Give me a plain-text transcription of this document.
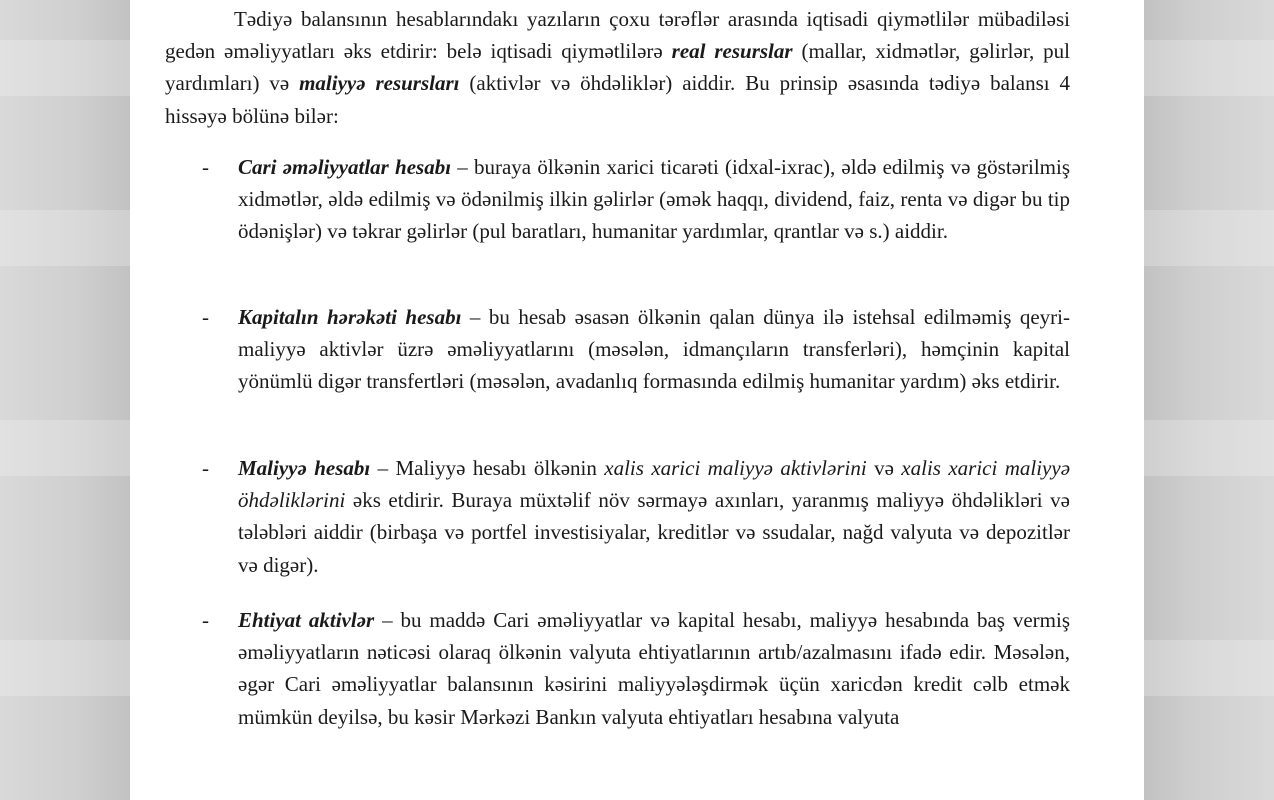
Tədiyə balansının hesablarındakı yazıların çoxu tərəflər arasında iqtisadi qiymətlilər mübadiləsi gedən əməliyyatları əks etdirir: belə iqtisadi qiymətlilərə real resurslar (mallar, xidmətlər, gəlirlər, pul yardımları) və maliyyə resursları (aktivlər və öhdəliklər) aiddir. Bu prinsip əsasında tədiyə balansı 4 hissəyə bölünə bilər:

- Cari əməliyyatlar hesabı – buraya ölkənin xarici ticarəti (idxal-ixrac), əldə edilmiş və göstərilmiş xidmətlər, əldə edilmiş və ödənilmiş ilkin gəlirlər (əmək haqqı, dividend, faiz, renta və digər bu tip ödənişlər) və təkrar gəlirlər (pul baratları, humanitar yardımlar, qrantlar və s.) aiddir.

- Kapitalın hərəkəti hesabı – bu hesab əsasən ölkənin qalan dünya ilə istehsal edilməmiş qeyri-maliyyə aktivlər üzrə əməliyyatlarını (məsələn, idmançıların transferləri), həmçinin kapital yönümlü digər transfertləri (məsələn, avadanlıq formasında edilmiş humanitar yardım) əks etdirir.

- Maliyyə hesabı – Maliyyə hesabı ölkənin xalis xarici maliyyə aktivlərini və xalis xarici maliyyə öhdəliklərini əks etdirir. Buraya müxtəlif növ sərmayə axınları, yaranmış maliyyə öhdəlikləri və tələbləri aiddir (birbaşa və portfel investisiyalar, kreditlər və ssudalar, nağd valyuta və depozitlər və digər).

- Ehtiyat aktivlər – bu maddə Cari əməliyyatlar və kapital hesabı, maliyyə hesabında baş vermiş əməliyyatların nəticəsi olaraq ölkənin valyuta ehtiyatlarının artıb/azalmasını ifadə edir. Məsələn, əgər Cari əməliyyatlar balansının kəsirini maliyyələşdirmək üçün xaricdən kredit cəlb etmək mümkün deyilsə, bu kəsir Mərkəzi Bankın valyuta ehtiyatları hesabına valyuta
